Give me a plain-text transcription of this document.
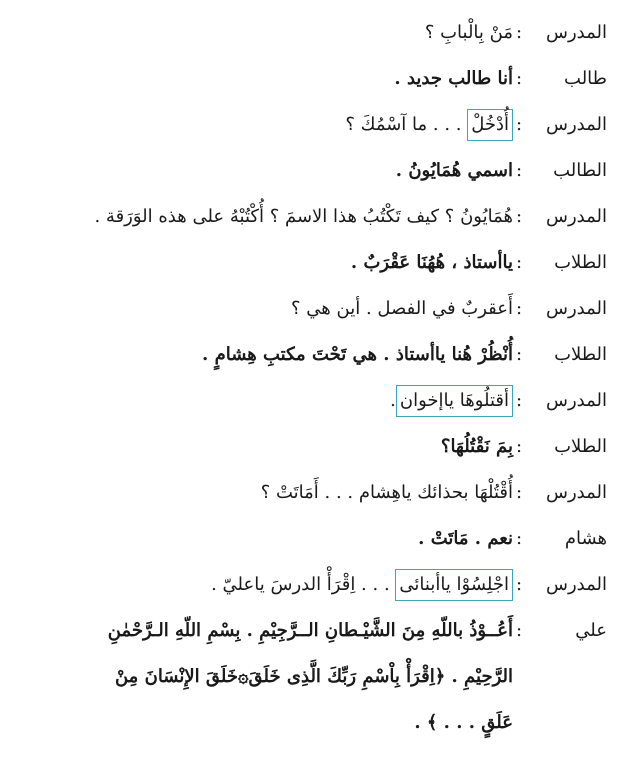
المدرس
:
مَنْ بِالْبابِ ؟
طالب
:
أنا طالب جديد .
المدرس
:
أُدْخُلْ . . . ما آسْمُكَ ؟
الطالب
:
اسمي هُمَايُونُ .
المدرس
:
هُمَايُونُ ؟ كيف تَكْتُبُ هذا الاسمَ ؟ أُكْتُبْهُ على هذه الوَرَقة .
الطلاب
:
ياأستاذ ، هُهُنَا عَقْرَبٌ .
المدرس
:
أَعقربٌ في الفصل . أين هي ؟
الطلاب
:
أُنْظُرْ هُنا ياأستاذ . هي تَحْتَ مكتبِ هِشامٍ .
المدرس
:
أقتلُوهَا ياإخوان.
الطلاب
:
بِمَ نَقْتُلُهَا؟
المدرس
:
أُقْتُلْهَا بحذائك ياهِشام . . . أَمَاتَتْ ؟
هشام
:
نعم . مَاتَتْ .
المدرس
:
اجْلِسُوْا ياأبنائى . . . اِقْرَأْ الدرسَ ياعليّ .
علي
:
أَعُــوْذُ باللّهِ مِنَ الشَّيْـطانِ الــرَّجِيْمِ . بِسْمِ اللّهِ الـرَّحْمٰنِ
الرَّحِيْمِ . ﴿اِقْرَأْ بِاْسْمِ رَبِّكَ الَّذِى خَلَقَ۞خَلَقَ الإِنْسَانَ مِنْ
عَلَقٍ . . . ﴾ .
